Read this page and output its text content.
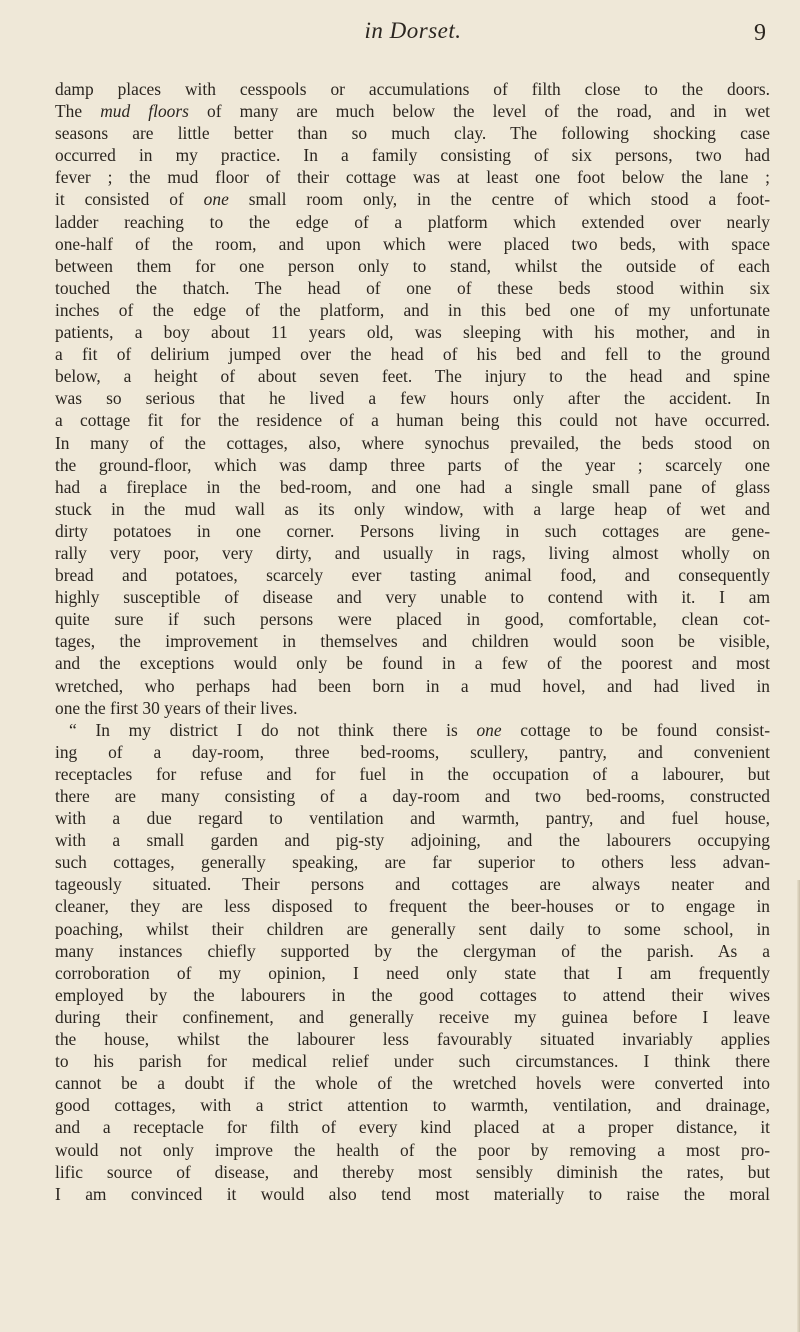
in Dorset.	9
damp places with cesspools or accumulations of filth close to the doors.
The mud floors of many are much below the level of the road, and in wet
seasons are little better than so much clay. The following shocking case
occurred in my practice. In a family consisting of six persons, two had
fever ; the mud floor of their cottage was at least one foot below the lane ;
it consisted of one small room only, in the centre of which stood a foot-
ladder reaching to the edge of a platform which extended over nearly
one-half of the room, and upon which were placed two beds, with space
between them for one person only to stand, whilst the outside of each
touched the thatch. The head of one of these beds stood within six
inches of the edge of the platform, and in this bed one of my unfortunate
patients, a boy about 11 years old, was sleeping with his mother, and in
a fit of delirium jumped over the head of his bed and fell to the ground
below, a height of about seven feet. The injury to the head and spine
was so serious that he lived a few hours only after the accident. In
a cottage fit for the residence of a human being this could not have occurred.
In many of the cottages, also, where synochus prevailed, the beds stood on
the ground-floor, which was damp three parts of the year ; scarcely one
had a fireplace in the bed-room, and one had a single small pane of glass
stuck in the mud wall as its only window, with a large heap of wet and
dirty potatoes in one corner. Persons living in such cottages are gene-
rally very poor, very dirty, and usually in rags, living almost wholly on
bread and potatoes, scarcely ever tasting animal food, and consequently
highly susceptible of disease and very unable to contend with it. I am
quite sure if such persons were placed in good, comfortable, clean cot-
tages, the improvement in themselves and children would soon be visible,
and the exceptions would only be found in a few of the poorest and most
wretched, who perhaps had been born in a mud hovel, and had lived in
one the first 30 years of their lives.
“ In my district I do not think there is one cottage to be found consist-
ing of a day-room, three bed-rooms, scullery, pantry, and convenient
receptacles for refuse and for fuel in the occupation of a labourer, but
there are many consisting of a day-room and two bed-rooms, constructed
with a due regard to ventilation and warmth, pantry, and fuel house,
with a small garden and pig-sty adjoining, and the labourers occupying
such cottages, generally speaking, are far superior to others less advan-
tageously situated. Their persons and cottages are always neater and
cleaner, they are less disposed to frequent the beer-houses or to engage in
poaching, whilst their children are generally sent daily to some school, in
many instances chiefly supported by the clergyman of the parish. As a
corroboration of my opinion, I need only state that I am frequently
employed by the labourers in the good cottages to attend their wives
during their confinement, and generally receive my guinea before I leave
the house, whilst the labourer less favourably situated invariably applies
to his parish for medical relief under such circumstances. I think there
cannot be a doubt if the whole of the wretched hovels were converted into
good cottages, with a strict attention to warmth, ventilation, and drainage,
and a receptacle for filth of every kind placed at a proper distance, it
would not only improve the health of the poor by removing a most pro-
lific source of disease, and thereby most sensibly diminish the rates, but
I am convinced it would also tend most materially to raise the moral
